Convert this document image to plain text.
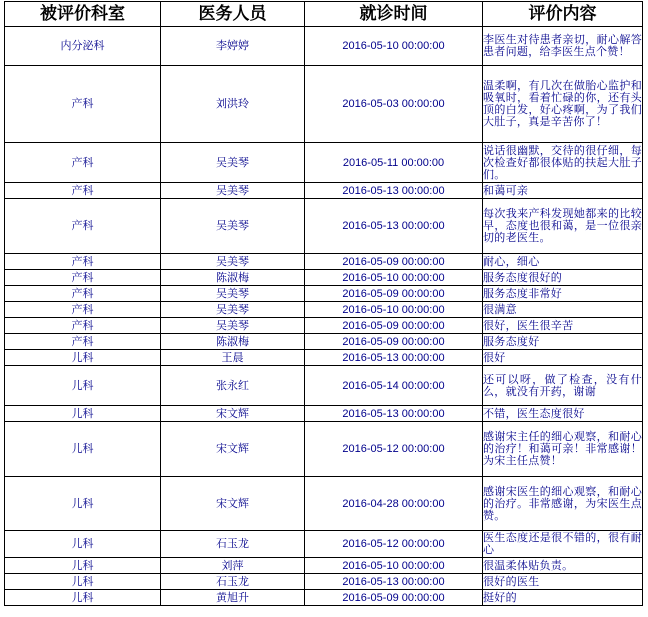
被评价科室	医务人员	就诊时间	评价内容
内分泌科	李婷婷	2016-05-10 00:00:00	李医生对待患者亲切，耐心解答患者问题，给李医生点个赞！
产科	刘洪玲	2016-05-03 00:00:00	温柔啊，有几次在做胎心监护和吸氧时，看着忙碌的你，还有头顶的白发，好心疼啊，为了我们大肚子，真是辛苦你了！
产科	吴美琴	2016-05-11 00:00:00	说话很幽默，交待的很仔细，每次检查好都很体贴的扶起大肚子们。
产科	吴美琴	2016-05-13 00:00:00	和蔼可亲
产科	吴美琴	2016-05-13 00:00:00	每次我来产科发现她都来的比较早，态度也很和蔼，是一位很亲切的老医生。
产科	吴美琴	2016-05-09 00:00:00	耐心，细心
产科	陈淑梅	2016-05-10 00:00:00	服务态度很好的
产科	吴美琴	2016-05-09 00:00:00	服务态度非常好
产科	吴美琴	2016-05-10 00:00:00	很满意
产科	吴美琴	2016-05-09 00:00:00	很好，医生很辛苦
产科	陈淑梅	2016-05-09 00:00:00	服务态度好
儿科	王晨	2016-05-13 00:00:00	很好
儿科	张永红	2016-05-14 00:00:00	还可以呀，做了检查，没有什么，就没有开药，谢谢
儿科	宋文辉	2016-05-13 00:00:00	不错，医生态度很好
儿科	宋文辉	2016-05-12 00:00:00	感谢宋主任的细心观察，和耐心的治疗！和蔼可亲！非常感谢！为宋主任点赞！
儿科	宋文辉	2016-04-28 00:00:00	感谢宋医生的细心观察，和耐心的治疗。非常感谢，为宋医生点赞。
儿科	石玉龙	2016-05-12 00:00:00	医生态度还是很不错的，很有耐心
儿科	刘萍	2016-05-10 00:00:00	很温柔体贴负责。
儿科	石玉龙	2016-05-13 00:00:00	很好的医生
儿科	黄旭升	2016-05-09 00:00:00	挺好的
